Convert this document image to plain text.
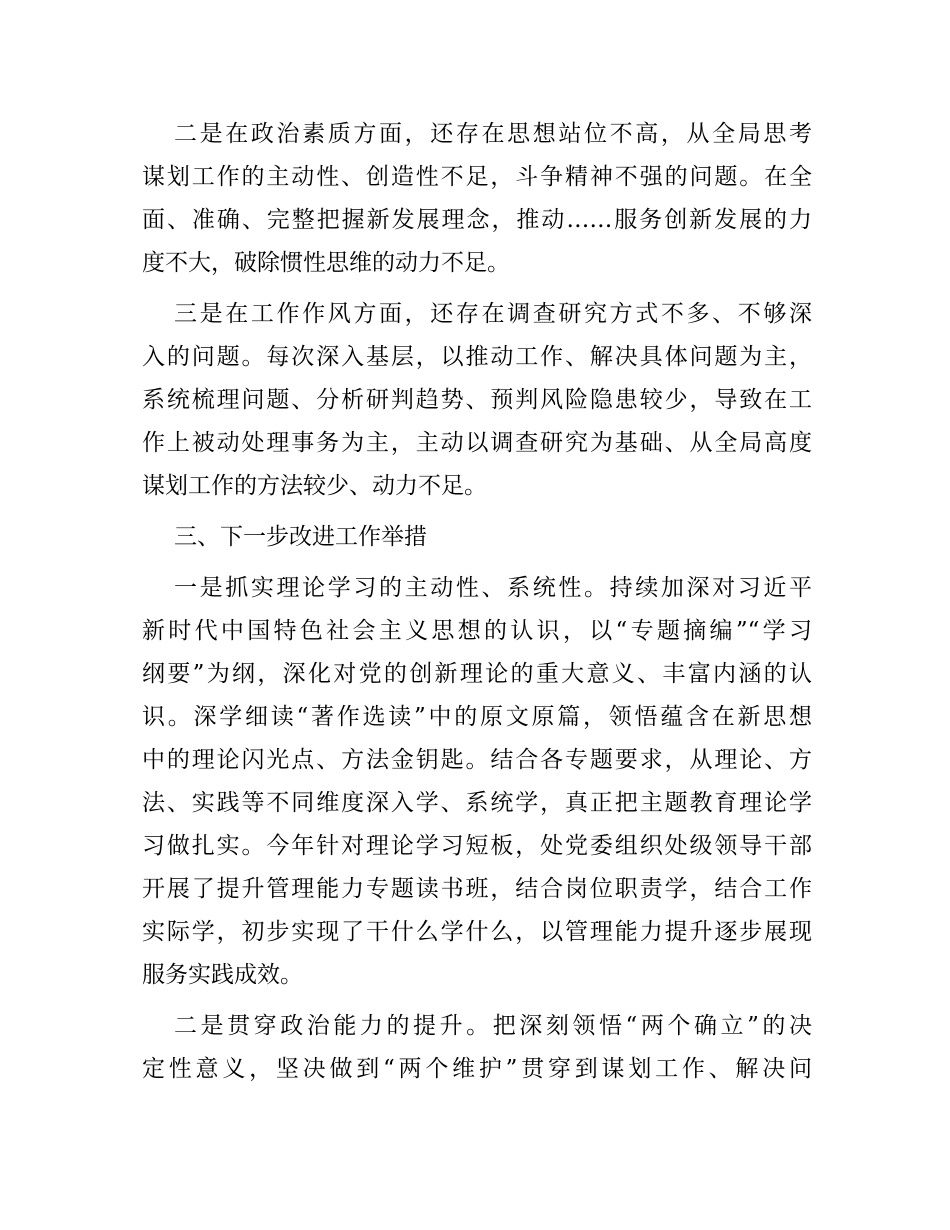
二是在政治素质方面，还存在思想站位不高，从全局思考
谋划工作的主动性、创造性不足，斗争精神不强的问题。在全
面、准确、完整把握新发展理念，推动……服务创新发展的力
度不大，破除惯性思维的动力不足。
三是在工作作风方面，还存在调查研究方式不多、不够深
入的问题。每次深入基层，以推动工作、解决具体问题为主，
系统梳理问题、分析研判趋势、预判风险隐患较少，导致在工
作上被动处理事务为主，主动以调查研究为基础、从全局高度
谋划工作的方法较少、动力不足。
三、下一步改进工作举措
一是抓实理论学习的主动性、系统性。持续加深对习近平
新时代中国特色社会主义思想的认识，以“专题摘编”“学习
纲要”为纲，深化对党的创新理论的重大意义、丰富内涵的认
识。深学细读“著作选读”中的原文原篇，领悟蕴含在新思想
中的理论闪光点、方法金钥匙。结合各专题要求，从理论、方
法、实践等不同维度深入学、系统学，真正把主题教育理论学
习做扎实。今年针对理论学习短板，处党委组织处级领导干部
开展了提升管理能力专题读书班，结合岗位职责学，结合工作
实际学，初步实现了干什么学什么，以管理能力提升逐步展现
服务实践成效。
二是贯穿政治能力的提升。把深刻领悟“两个确立”的决
定性意义，坚决做到“两个维护”贯穿到谋划工作、解决问
